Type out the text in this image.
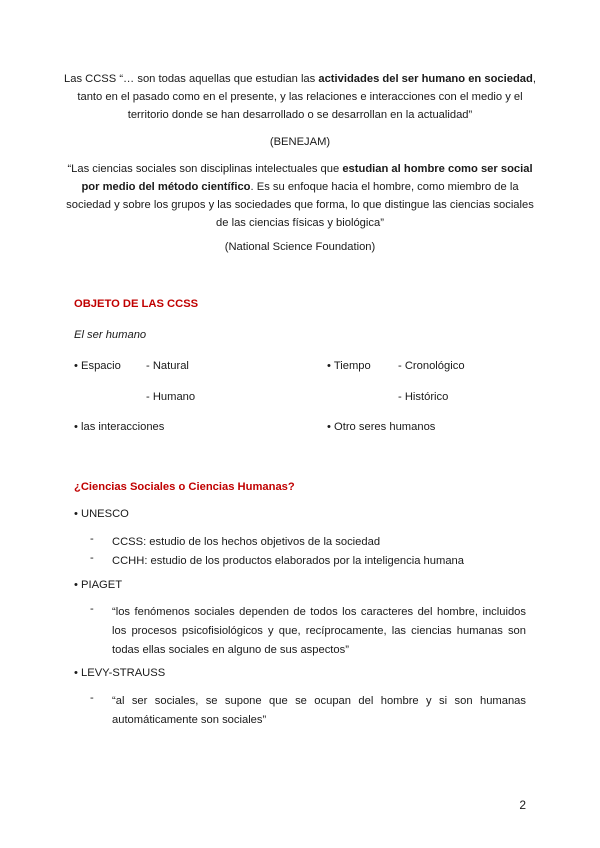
Las CCSS “… son todas aquellas que estudian las actividades del ser humano en sociedad, tanto en el pasado como en el presente, y las relaciones e interacciones con el medio y el territorio donde se han desarrollado o se desarrollan en la actualidad”
(BENEJAM)
“Las ciencias sociales son disciplinas intelectuales que estudian al hombre como ser social por medio del método científico. Es su enfoque hacia el hombre, como miembro de la sociedad y sobre los grupos y las sociedades que forma, lo que distingue las ciencias sociales de las ciencias físicas y biológica”
(National Science Foundation)
OBJETO DE LAS CCSS
El ser humano
• Espacio - Natural
- Humano
• Tiempo - Cronológico
- Histórico
• las interacciones	• Otro seres humanos
¿Ciencias Sociales o Ciencias Humanas?
• UNESCO
- CCSS: estudio de los hechos objetivos de la sociedad
- CCHH: estudio de los productos elaborados por la inteligencia humana
• PIAGET
- “los fenómenos sociales dependen de todos los caracteres del hombre, incluidos los procesos psicofisiológicos y que, recíprocamente, las ciencias humanas son todas ellas sociales en alguno de sus aspectos”
• LEVY-STRAUSS
- “al ser sociales, se supone que se ocupan del hombre y si son humanas automáticamente son sociales”
2
